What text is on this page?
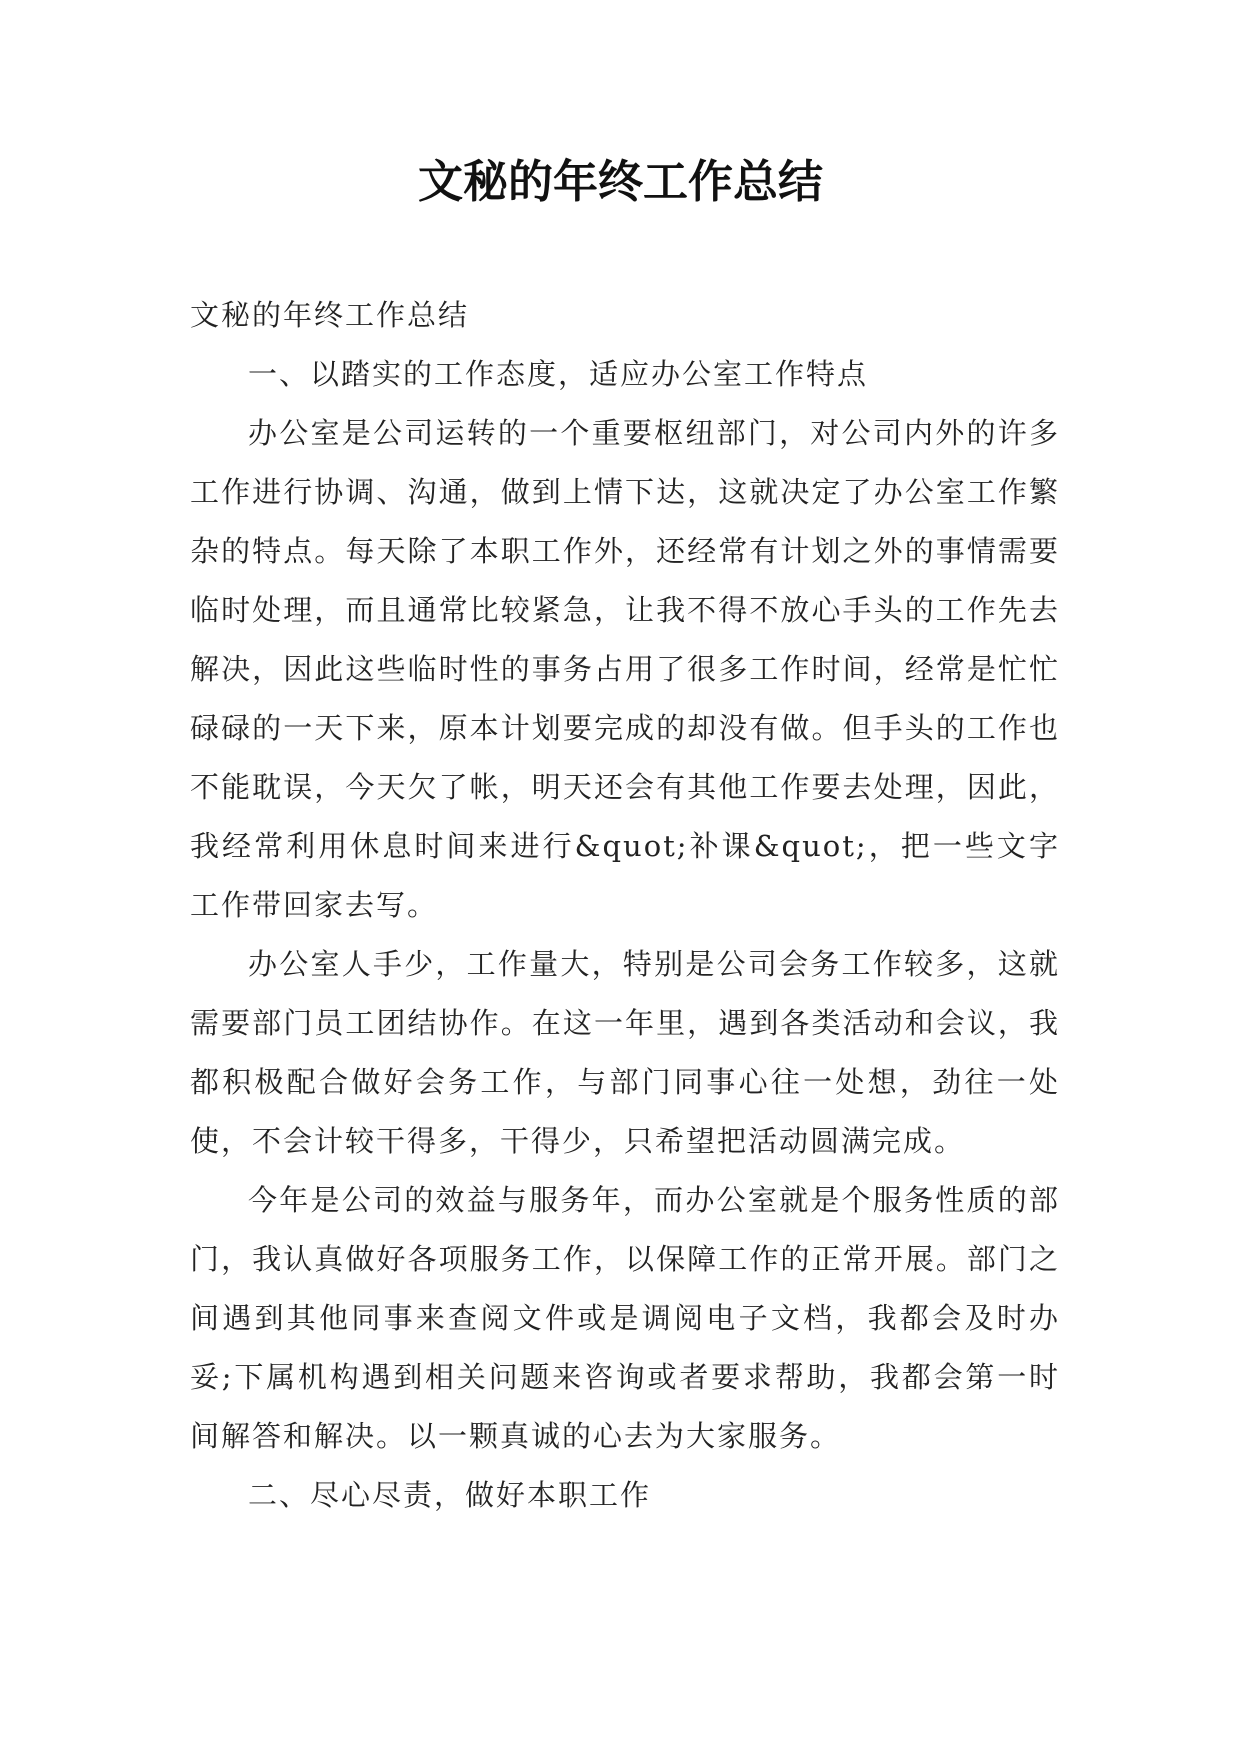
文秘的年终工作总结

文秘的年终工作总结

一、以踏实的工作态度，适应办公室工作特点

办公室是公司运转的一个重要枢纽部门，对公司内外的许多工作进行协调、沟通，做到上情下达，这就决定了办公室工作繁杂的特点。每天除了本职工作外，还经常有计划之外的事情需要临时处理，而且通常比较紧急，让我不得不放心手头的工作先去解决，因此这些临时性的事务占用了很多工作时间，经常是忙忙碌碌的一天下来，原本计划要完成的却没有做。但手头的工作也不能耽误，今天欠了帐，明天还会有其他工作要去处理，因此，我经常利用休息时间来进行&quot;补课&quot;，把一些文字工作带回家去写。

办公室人手少，工作量大，特别是公司会务工作较多，这就需要部门员工团结协作。在这一年里，遇到各类活动和会议，我都积极配合做好会务工作，与部门同事心往一处想，劲往一处使，不会计较干得多，干得少，只希望把活动圆满完成。

今年是公司的效益与服务年，而办公室就是个服务性质的部门，我认真做好各项服务工作，以保障工作的正常开展。部门之间遇到其他同事来查阅文件或是调阅电子文档，我都会及时办妥;下属机构遇到相关问题来咨询或者要求帮助，我都会第一时间解答和解决。以一颗真诚的心去为大家服务。

二、尽心尽责，做好本职工作
